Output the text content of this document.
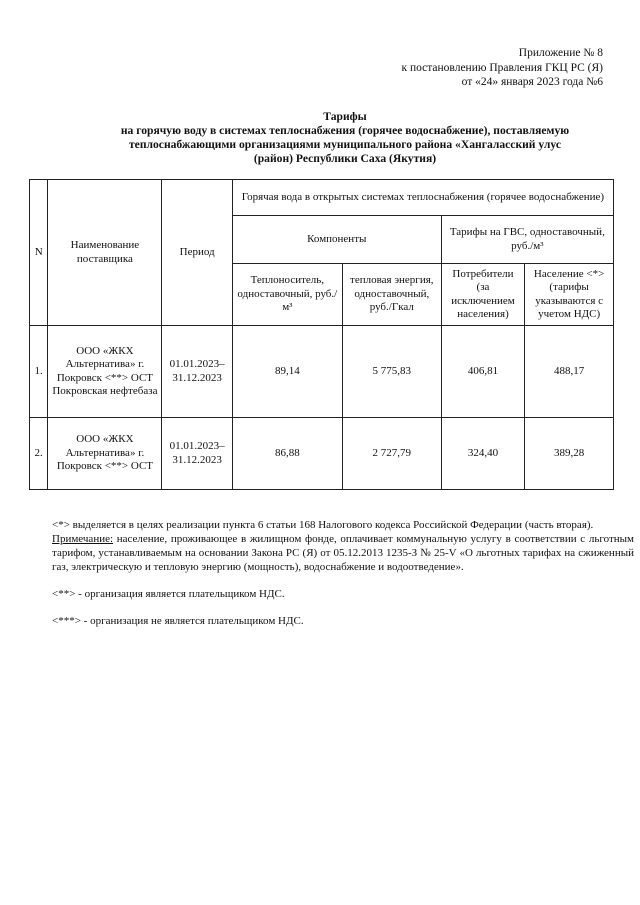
Приложение № 8
к постановлению Правления ГКЦ РС (Я)
от «24» января 2023 года №6
Тарифы
на горячую воду в системах теплоснабжения (горячее водоснабжение), поставляемую
теплоснабжающими организациями муниципального района «Хангаласский улус
(район) Республики Саха (Якутия)
N	Наименование поставщика	Период	Горячая вода в открытых системах теплоснабжения (горячее водоснабжение)			
			Компоненты		Тарифы на ГВС, одноставочный, руб./м³	
			Теплоноситель, одноставочный, руб./м³	тепловая энергия, одноставочный, руб./Гкал	Потребители (за исключением населения)	Население <*> (тарифы указываются с учетом НДС)
1.	ООО «ЖКХ Альтернатива» г. Покровск <**> ОСТ Покровская нефтебаза	01.01.2023–31.12.2023	89,14	5 775,83	406,81	488,17
2.	ООО «ЖКХ Альтернатива» г. Покровск <**> ОСТ	01.01.2023–31.12.2023	86,88	2 727,79	324,40	389,28

<*> выделяется в целях реализации пункта 6 статьи 168 Налогового кодекса Российской Федерации (часть вторая).

Примечание: население, проживающее в жилищном фонде, оплачивает коммунальную услугу в соответствии с льготным тарифом, устанавливаемым на основании Закона РС (Я) от 05.12.2013 1235-З № 25-V «О льготных тарифах на сжиженный газ, электрическую и тепловую энергию (мощность), водоснабжение и водоотведение».

<**> - организация является плательщиком НДС.

<***> - организация не является плательщиком НДС.
